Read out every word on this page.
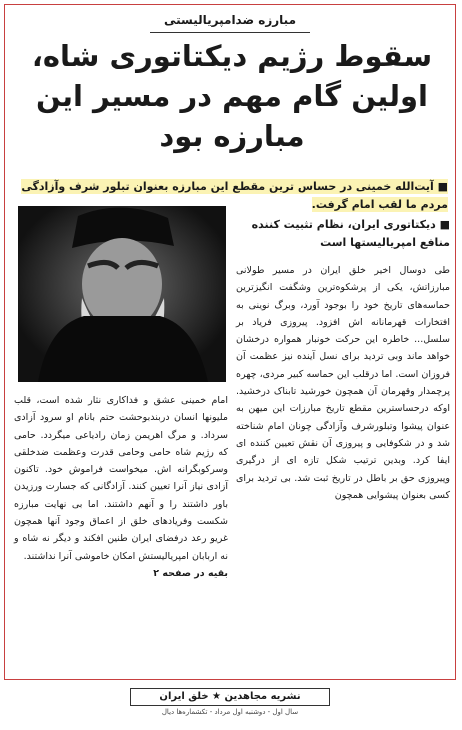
مبارزه ضدامپریالیستی
سقوط رژیم دیکتاتوری شاه،
اولین گام مهم در مسیر این
مبارزه بود
■ آیت‌الله خمینی در حساس ترین مقطع این مبارزه بعنوان تبلور شرف وآزادگی مردم ما لقب امام گرفت.
■ دیکتاتوری ایران، نظام تثبیت کننده منافع امپریالیستها است

طی دوسال اخیر خلق ایران در مسیر طولانی مبارزاتش، یکی از پرشکوه‌ترین وشگفت انگیزترین حماسه‌های تاریخ خود را بوجود آورد، وبرگ نوینی به افتخارات قهرمانانه اش افزود. پیروزی فریاد بر سلسل... خاطره این حرکت خونبار همواره درخشان خواهد ماند وبی تردید برای نسل آینده نیز عظمت آن فروزان است. اما درقلب این حماسه کبیر مردی، چهره پرچمدار وقهرمان آن همچون خورشید تابناک درخشید. اوکه درحساسترین مقطع تاریخ مبارزات این میهن به عنوان پیشوا وتبلورشرف وآزادگی چونان امام شناخته شد و در شکوفایی و پیروزی آن نقش تعیین کننده ای ایفا کرد. وبدین ترتیب شکل تازه ای از درگیری وپیروزی حق بر باطل در تاریخ ثبت شد. بی تردید برای کسی بعنوان پیشوایی همچون

امام خمینی عشق و فداکاری نثار شده است، قلب ملیونها انسان دربندبوحشت حتم بانام او سرود آزادی سرداد. و مرگ اهریمن زمان رادیاعی میگردد. حامی که رژیم شاه حامی وحامی قدرت وعظمت ضدخلقی وسرکوبگرانه اش. میخواست فراموش خود. تاکنون آزادی نیاز آنرا تعیین کنند. آزادگانی که جسارت ورزیدن باور داشتند را و آنهم داشتند. اما بی نهایت مبارزه شکست وفریادهای خلق از اعماق وجود آنها همچون غریو رعد درفضای ایران طنین افکند و دیگر نه شاه و نه اربابان امپریالیستش امکان خاموشی آنرا نداشتند.

بقیه در صفحه ۲

نشریه مجاهدین ★ خلق ایران
سال اول - دوشنبه اول مرداد - تکشماره‌ها دیال
